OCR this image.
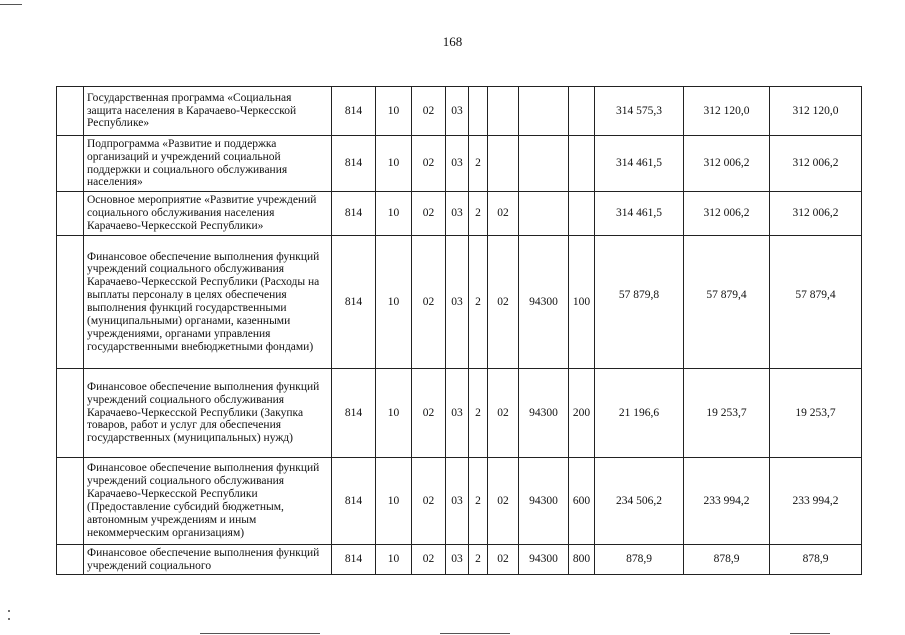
168
	Государственная программа «Социальная защита населения в Карачаево-Черкесской Республике»	814	10	02	03					314 575,3	312 120,0	312 120,0
	Подпрограмма «Развитие и поддержка организаций и учреждений социальной поддержки и социального обслуживания населения»	814	10	02	03	2				314 461,5	312 006,2	312 006,2
	Основное мероприятие «Развитие учреждений социального обслуживания населения Карачаево-Черкесской Республики»	814	10	02	03	2	02			314 461,5	312 006,2	312 006,2
	Финансовое обеспечение выполнения функций учреждений социального обслуживания Карачаево-Черкесской Республики (Расходы на выплаты персоналу в целях обеспечения выполнения функций государственными (муниципальными) органами, казенными учреждениями, органами управления государственными внебюджетными фондами)	814	10	02	03	2	02	94300	100	57 879,8	57 879,4	57 879,4
	Финансовое обеспечение выполнения функций учреждений социального обслуживания Карачаево-Черкесской Республики (Закупка товаров, работ и услуг для обеспечения государственных (муниципальных) нужд)	814	10	02	03	2	02	94300	200	21 196,6	19 253,7	19 253,7
	Финансовое обеспечение выполнения функций учреждений социального обслуживания Карачаево-Черкесской Республики (Предоставление субсидий бюджетным, автономным учреждениям и иным некоммерческим организациям)	814	10	02	03	2	02	94300	600	234 506,2	233 994,2	233 994,2
	Финансовое обеспечение выполнения функций учреждений социального	814	10	02	03	2	02	94300	800	878,9	878,9	878,9
